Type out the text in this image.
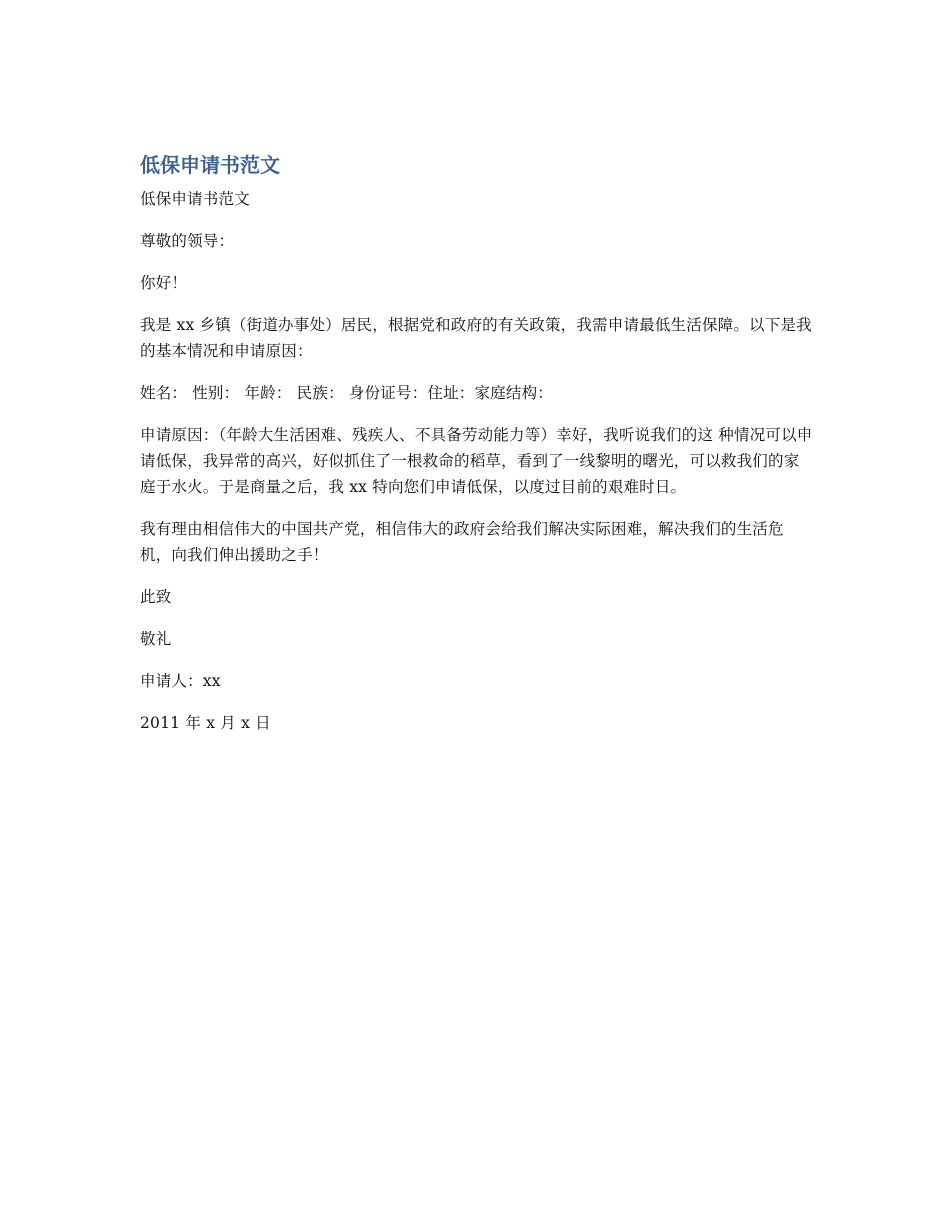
低保申请书范文

低保申请书范文

尊敬的领导：

你好！

我是 xx 乡镇（街道办事处）居民，根据党和政府的有关政策，我需申请最低生活保障。以下是我的基本情况和申请原因：

姓名： 性别： 年龄： 民族： 身份证号：住址：家庭结构：

申请原因：（年龄大生活困难、残疾人、不具备劳动能力等）幸好，我听说我们的这 种情况可以申请低保，我异常的高兴，好似抓住了一根救命的稻草，看到了一线黎明的曙光，可以救我们的家庭于水火。于是商量之后，我 xx 特向您们申请低保，以度过目前的艰难时日。

我有理由相信伟大的中国共产党，相信伟大的政府会给我们解决实际困难，解决我们的生活危机，向我们伸出援助之手！

此致

敬礼

申请人：xx

2011 年 x 月 x 日
